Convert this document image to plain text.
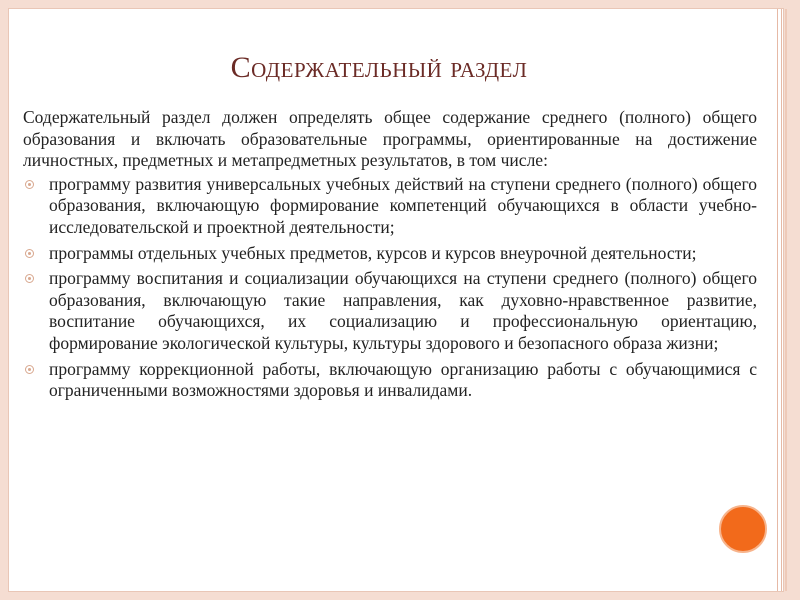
Содержательный раздел

Содержательный раздел должен определять общее содержание среднего (полного) общего образования и включать образовательные программы, ориентированные на достижение личностных, предметных и метапредметных результатов, в том числе:

программу развития универсальных учебных действий на ступени среднего (полного) общего образования, включающую формирование компетенций обучающихся в области учебно-исследовательской и проектной деятельности;
программы отдельных учебных предметов, курсов и курсов внеурочной деятельности;
программу воспитания и социализации обучающихся на ступени среднего (полного) общего образования, включающую такие направления, как духовно-нравственное развитие, воспитание обучающихся, их социализацию и профессиональную ориентацию, формирование экологической культуры, культуры здорового и безопасного образа жизни;
программу коррекционной работы, включающую организацию работы с обучающимися с ограниченными возможностями здоровья и инвалидами.
